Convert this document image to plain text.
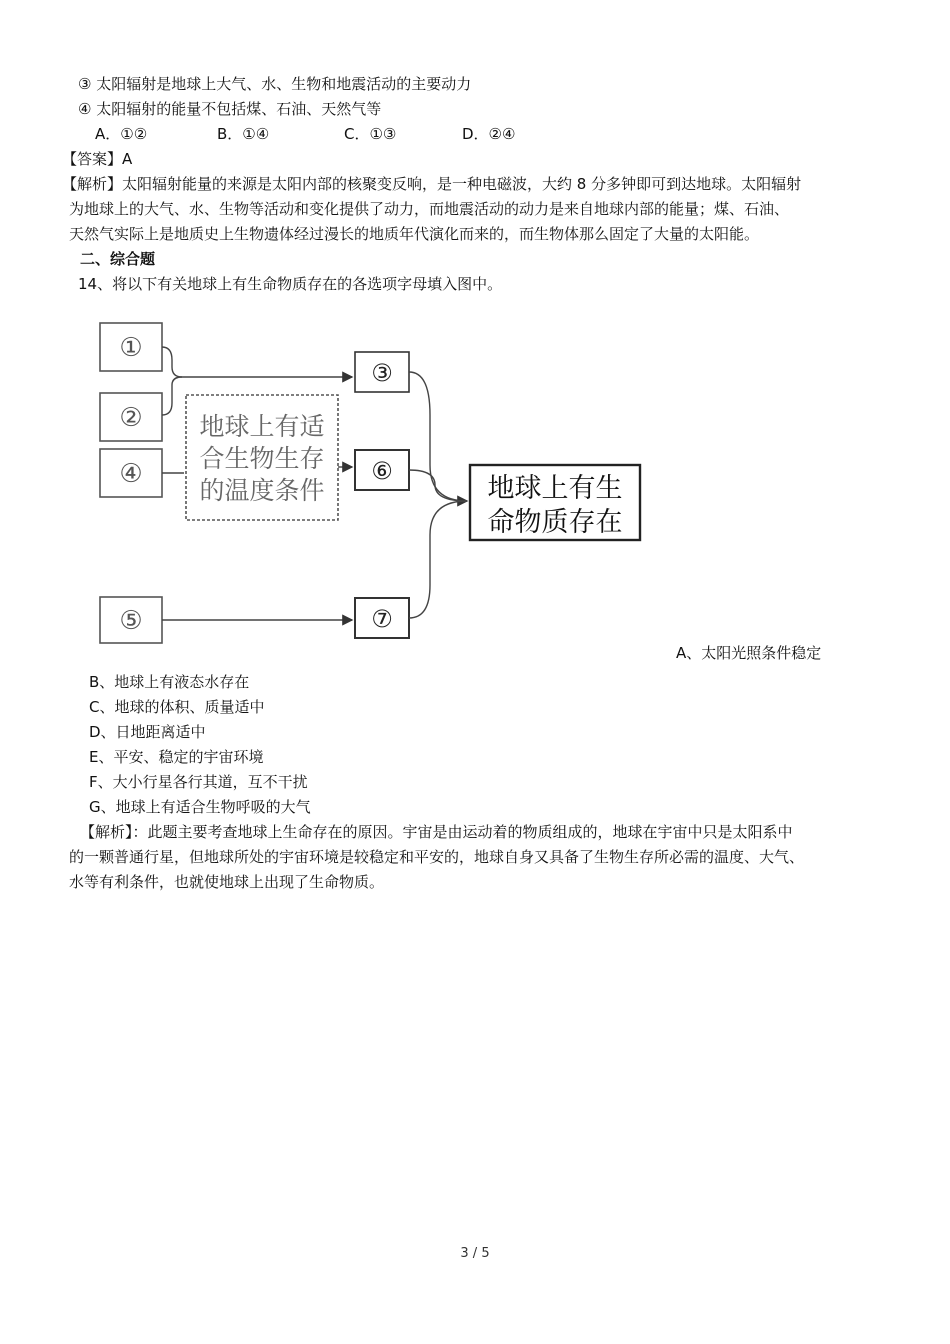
③ 太阳辐射是地球上大气、水、生物和地震活动的主要动力
④ 太阳辐射的能量不包括煤、石油、天然气等
A．①②	B．①④	C．①③	D．②④
【答案】A
【解析】太阳辐射能量的来源是太阳内部的核聚变反响，是一种电磁波，大约 8 分多钟即可到达地球。太阳辐射
为地球上的大气、水、生物等活动和变化提供了动力，而地震活动的动力是来自地球内部的能量；煤、石油、
天然气实际上是地质史上生物遗体经过漫长的地质年代演化而来的，而生物体那么固定了大量的太阳能。
二、综合题
14、将以下有关地球上有生命物质存在的各选项字母填入图中。
①
②
④
⑤
③
⑥
⑦
地球上有适
合生物生存
的温度条件	地球上有生
命物质存在
A、太阳光照条件稳定
B、地球上有液态水存在
C、地球的体积、质量适中
D、日地距离适中
E、平安、稳定的宇宙环境
F、大小行星各行其道，互不干扰
G、地球上有适合生物呼吸的大气
【解析】：此题主要考查地球上生命存在的原因。宇宙是由运动着的物质组成的，地球在宇宙中只是太阳系中
的一颗普通行星，但地球所处的宇宙环境是较稳定和平安的，地球自身又具备了生物生存所必需的温度、大气、
水等有利条件，也就使地球上出现了生命物质。
3 / 5
